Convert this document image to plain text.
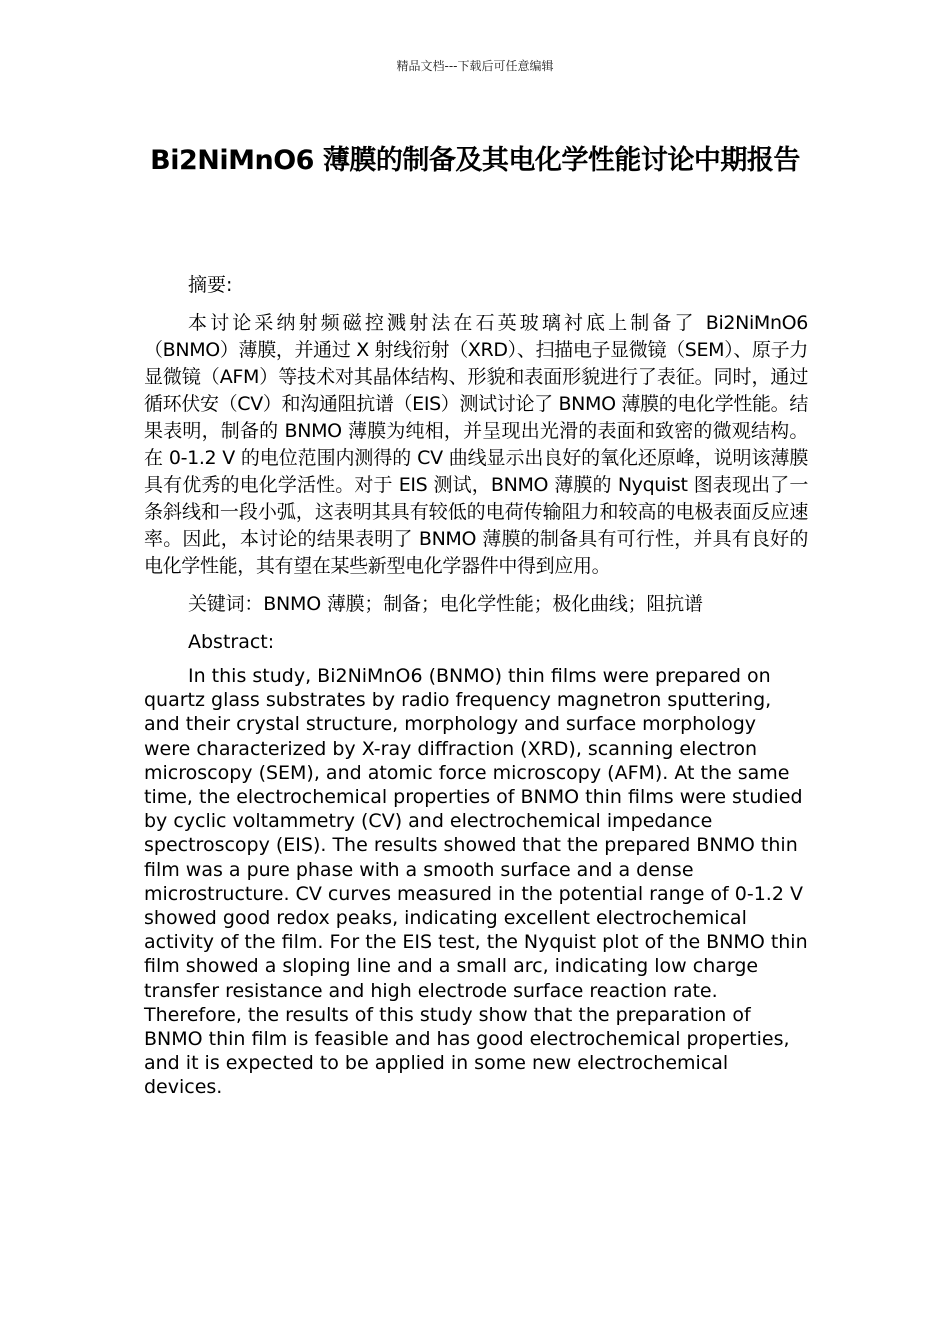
精品文档---下载后可任意编辑
Bi2NiMnO6 薄膜的制备及其电化学性能讨论中期报告

摘要:

本讨论采纳射频磁控溅射法在石英玻璃衬底上制备了 Bi2NiMnO6（BNMO）薄膜，并通过 X 射线衍射（XRD）、扫描电子显微镜（SEM）、原子力显微镜（AFM）等技术对其晶体结构、形貌和表面形貌进行了表征。同时，通过循环伏安（CV）和沟通阻抗谱（EIS）测试讨论了 BNMO 薄膜的电化学性能。结果表明，制备的 BNMO 薄膜为纯相，并呈现出光滑的表面和致密的微观结构。在 0-1.2 V 的电位范围内测得的 CV 曲线显示出良好的氧化还原峰，说明该薄膜具有优秀的电化学活性。对于 EIS 测试，BNMO 薄膜的 Nyquist 图表现出了一条斜线和一段小弧，这表明其具有较低的电荷传输阻力和较高的电极表面反应速率。因此，本讨论的结果表明了 BNMO 薄膜的制备具有可行性，并具有良好的电化学性能，其有望在某些新型电化学器件中得到应用。

关键词：BNMO 薄膜；制备；电化学性能；极化曲线；阻抗谱

Abstract:

In this study, Bi2NiMnO6 (BNMO) thin films were prepared on quartz glass substrates by radio frequency magnetron sputtering, and their crystal structure, morphology and surface morphology were characterized by X-ray diffraction (XRD), scanning electron microscopy (SEM), and atomic force microscopy (AFM). At the same time, the electrochemical properties of BNMO thin films were studied by cyclic voltammetry (CV) and electrochemical impedance spectroscopy (EIS). The results showed that the prepared BNMO thin film was a pure phase with a smooth surface and a dense microstructure. CV curves measured in the potential range of 0-1.2 V showed good redox peaks, indicating excellent electrochemical activity of the film. For the EIS test, the Nyquist plot of the BNMO thin film showed a sloping line and a small arc, indicating low charge transfer resistance and high electrode surface reaction rate. Therefore, the results of this study show that the preparation of BNMO thin film is feasible and has good electrochemical properties, and it is expected to be applied in some new electrochemical devices.
